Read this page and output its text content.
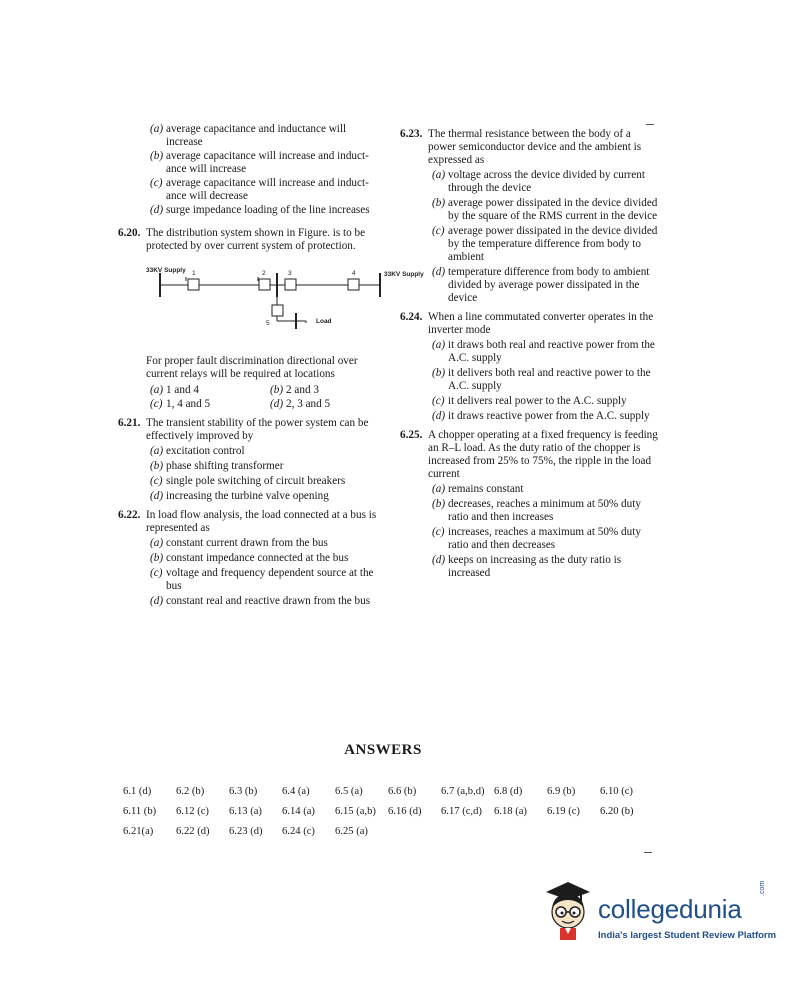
(a) average capacitance and inductance will increase
(b) average capacitance will increase and induct-ance will increase
(c) average capacitance will increase and induct-ance will decrease
(d) surge impedance loading of the line increases
6.20. The distribution system shown in Figure. is to be protected by over current system of protection.
33KV Supply
33KV Supply
Load
1	2	3	4
5
For proper fault discrimination directional over current relays will be required at locations
(a) 1 and 4	(b) 2 and 3
(c) 1, 4 and 5	(d) 2, 3 and 5
6.21. The transient stability of the power system can be effectively improved by
(a) excitation control
(b) phase shifting transformer
(c) single pole switching of circuit breakers
(d) increasing the turbine valve opening
6.22. In load flow analysis, the load connected at a bus is represented as
(a) constant current drawn from the bus
(b) constant impedance connected at the bus
(c) voltage and frequency dependent source at the bus
(d) constant real and reactive drawn from the bus
6.23. The thermal resistance between the body of a power semiconductor device and the ambient is expressed as
(a) voltage across the device divided by current through the device
(b) average power dissipated in the device divided by the square of the RMS current in the device
(c) average power dissipated in the device divided by the temperature difference from body to ambient
(d) temperature difference from body to ambient divided by average power dissipated in the device
6.24. When a line commutated converter operates in the inverter mode
(a) it draws both real and reactive power from the A.C. supply
(b) it delivers both real and reactive power to the A.C. supply
(c) it delivers real power to the A.C. supply
(d) it draws reactive power from the A.C. supply
6.25. A chopper operating at a fixed frequency is feeding an R–L load. As the duty ratio of the chopper is increased from 25% to 75%, the ripple in the load current
(a) remains constant
(b) decreases, reaches a minimum at 50% duty ratio and then increases
(c) increases, reaches a maximum at 50% duty ratio and then decreases
(d) keeps on increasing as the duty ratio is increased
ANSWERS
6.1 (d)	6.2 (b)	6.3 (b)	6.4 (a)	6.5 (a)	6.6 (b)	6.7 (a,b,d) 6.8 (d)	6.9 (b)	6.10 (c)
6.11 (b)	6.12 (c)	6.13 (a)	6.14 (a)	6.15 (a,b)	6.16 (d)	6.17 (c,d)	6.18 (a)	6.19 (c)	6.20 (b)
6.21(a)	6.22 (d)	6.23 (d)	6.24 (c)	6.25 (a)
collegedunia
.com
India's largest Student Review Platform
